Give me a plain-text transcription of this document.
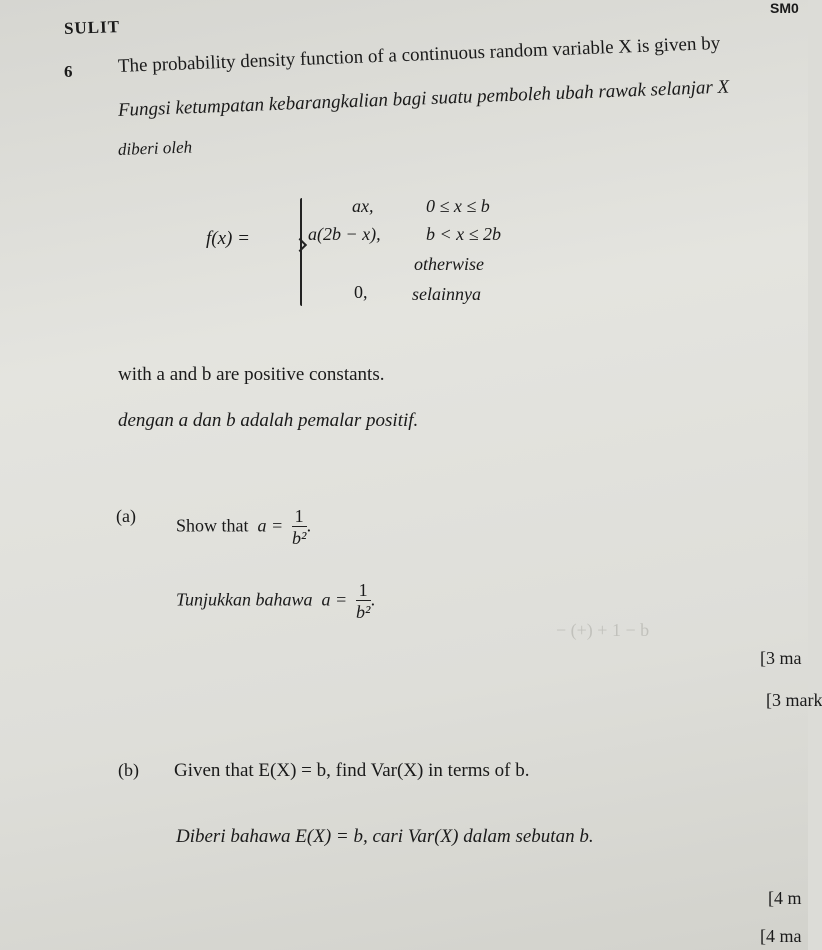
SULIT
SM0
6 The probability density function of a continuous random variable X is given by
Fungsi ketumpatan kebarangkalian bagi suatu pemboleh ubah rawak selanjar X
diberi oleh
f(x) =
ax,	0 ≤ x ≤ b
a(2b − x),	b < x ≤ 2b
otherwise
0, selainnya
with a and b are positive constants.
dengan a dan b adalah pemalar positif.
(a) Show that $a = \frac{1}{\text{b²}}$ .
Tunjukkan bahawa $a = \frac{1}{\text{b²}}$ .
− (+) + 1 − b
[3 ma
[3 mark
(b) Given that E(X) = b, find Var(X) in terms of b.
Diberi bahawa E(X) = b, cari Var(X) dalam sebutan b.
[4 m
[4 ma
